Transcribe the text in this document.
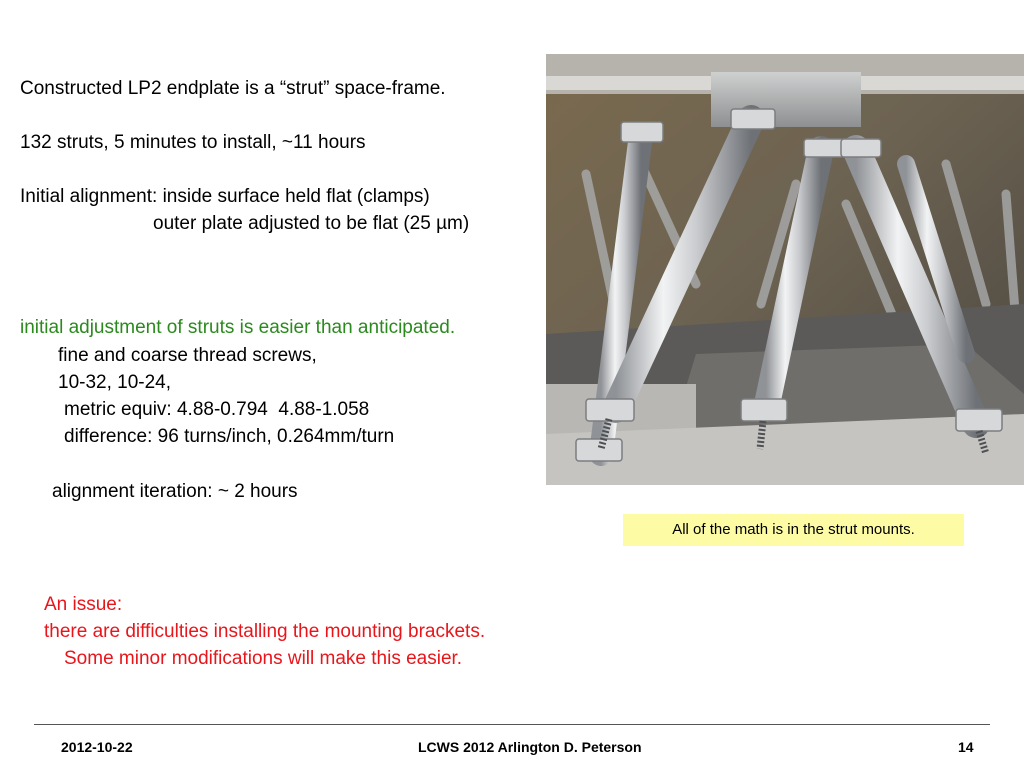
Constructed LP2 endplate is a “strut” space-frame.
132 struts, 5 minutes to install, ~11 hours
Initial alignment: inside surface held flat (clamps)
outer plate adjusted to be flat (25 µm)
initial adjustment of struts is easier than anticipated.
fine and coarse thread screws,
10-32, 10-24,
metric equiv: 4.88-0.794  4.88-1.058
difference: 96 turns/inch, 0.264mm/turn
alignment iteration: ~ 2 hours
All of the math is in the strut mounts.
An issue:
there are difficulties installing the mounting brackets.
Some minor modifications will make this easier.
2012-10-22	LCWS 2012 Arlington D. Peterson	14
